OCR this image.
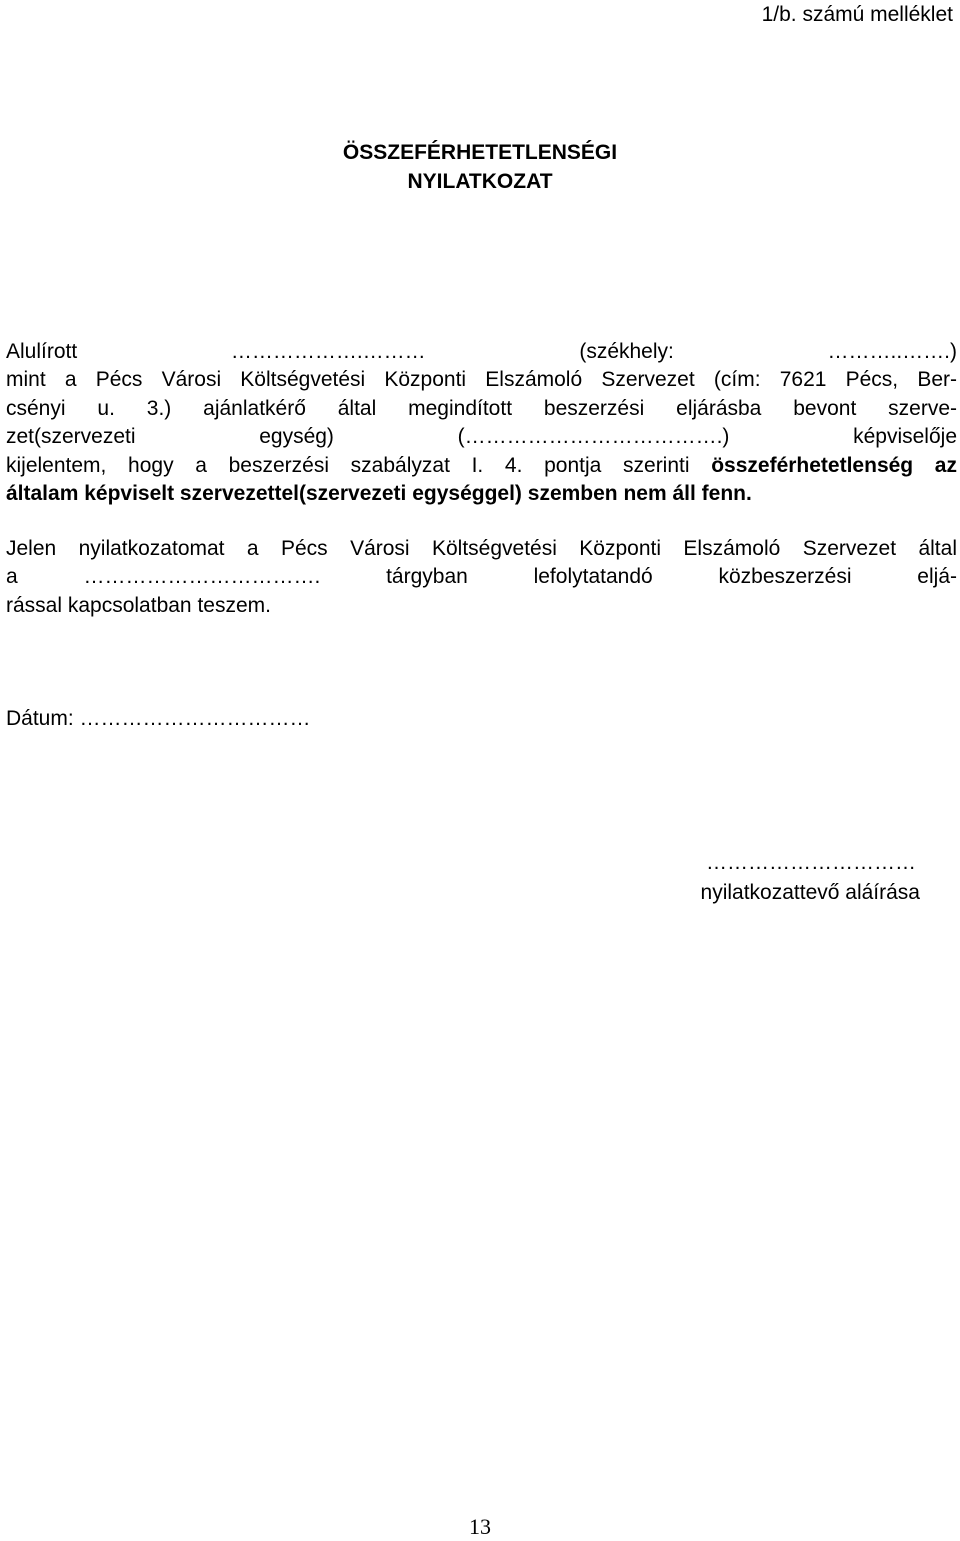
1/b. számú melléklet
ÖSSZEFÉRHETETLENSÉGI
NYILATKOZAT
Alulírott ……………….……… (székhely: ………..…….)
mint a Pécs Városi Költségvetési Központi Elszámoló Szervezet (cím: 7621 Pécs, Ber-
csényi u. 3.) ajánlatkérő által megindított beszerzési eljárásba bevont szerve-
zet(szervezeti egység) (……………………………….) képviselője
kijelentem, hogy a beszerzési szabályzat I. 4. pontja szerinti összeférhetetlenség az
általam képviselt szervezettel(szervezeti egységgel) szemben nem áll fenn.
Jelen nyilatkozatomat a Pécs Városi Költségvetési Központi Elszámoló Szervezet által
a ……………………………. tárgyban lefolytatandó közbeszerzési eljá-
rással kapcsolatban teszem.
Dátum: ……………………………
…………………………
nyilatkozattevő aláírása
13
